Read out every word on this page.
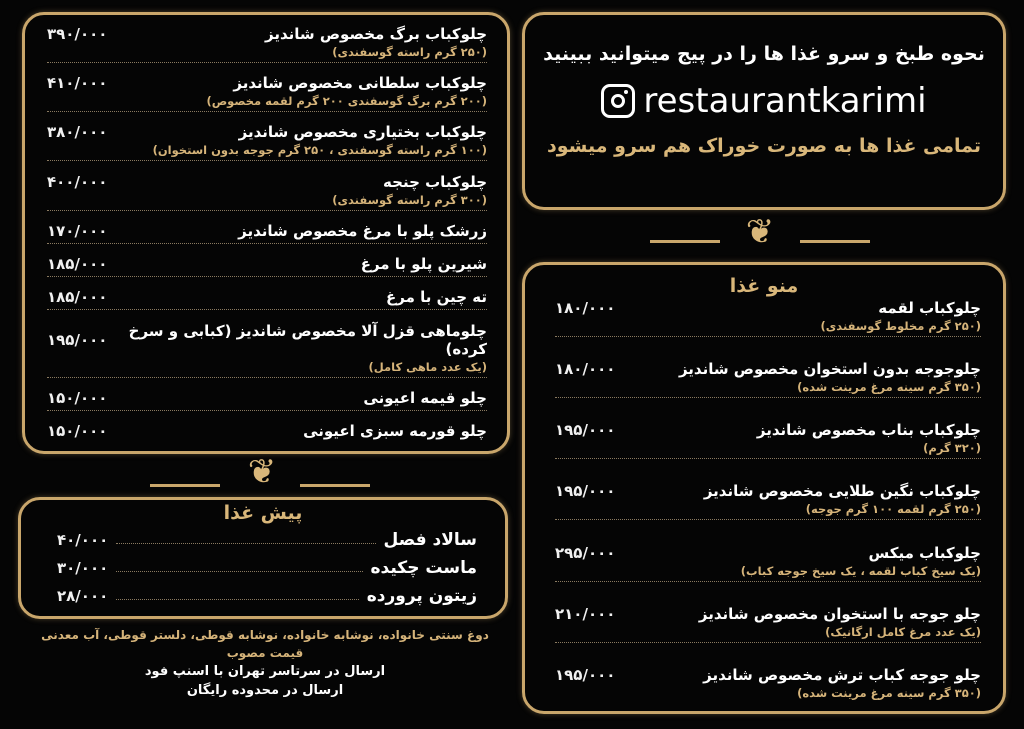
نحوه طبخ و سرو غذا ها را در پیج میتوانید ببینید
restaurantkarimi
تمامی غذا ها به صورت خوراک هم سرو میشود
❦
چلوکباب برگ مخصوص شاندیز
۳۹۰/۰۰۰
(۲۵۰ گرم راسته گوسفندی)
چلوکباب سلطانی مخصوص شاندیز
۴۱۰/۰۰۰
(۲۰۰ گرم برگ گوسفندی ۲۰۰ گرم لقمه مخصوص)
چلوکباب بختیاری مخصوص شاندیز
۳۸۰/۰۰۰
(۱۰۰ گرم راسته گوسفندی ، ۲۵۰ گرم جوجه بدون استخوان)
چلوکباب چنجه
۴۰۰/۰۰۰
(۳۰۰ گرم راسته گوسفندی)
زرشک پلو با مرغ مخصوص شاندیز
۱۷۰/۰۰۰
شیرین پلو با مرغ
۱۸۵/۰۰۰
ته چین با مرغ
۱۸۵/۰۰۰
چلوماهی قزل آلا مخصوص شاندیز (کبابی و سرخ کرده)
۱۹۵/۰۰۰
(یک عدد ماهی کامل)
چلو قیمه اعیونی
۱۵۰/۰۰۰
چلو قورمه سبزی اعیونی
۱۵۰/۰۰۰
منو غذا
چلوکباب لقمه
۱۸۰/۰۰۰
(۲۵۰ گرم مخلوط گوسفندی)
چلوجوجه بدون استخوان مخصوص شاندیز
۱۸۰/۰۰۰
(۳۵۰ گرم سینه مرغ مرینت شده)
چلوکباب بناب مخصوص شاندیز
۱۹۵/۰۰۰
(۳۲۰ گرم)
چلوکباب نگین طلایی مخصوص شاندیز
۱۹۵/۰۰۰
(۲۵۰ گرم لقمه ۱۰۰ گرم جوجه)
چلوکباب میکس
۲۹۵/۰۰۰
(یک سیخ کباب لقمه ، یک سیخ جوجه کباب)
چلو جوجه با استخوان مخصوص شاندیز
۲۱۰/۰۰۰
(یک عدد مرغ کامل ارگانیک)
چلو جوجه کباب ترش مخصوص شاندیز
۱۹۵/۰۰۰
(۳۵۰ گرم سینه مرغ مرینت شده)
❦
پیش غذا
سالاد فصل
۴۰/۰۰۰
ماست چکیده
۳۰/۰۰۰
زیتون پرورده
۲۸/۰۰۰
دوغ سنتی خانواده، نوشابه خانواده، نوشابه قوطی، دلستر قوطی، آب معدنی
قیمت مصوب
ارسال در سرتاسر تهران با اسنپ فود
ارسال در محدوده رایگان
